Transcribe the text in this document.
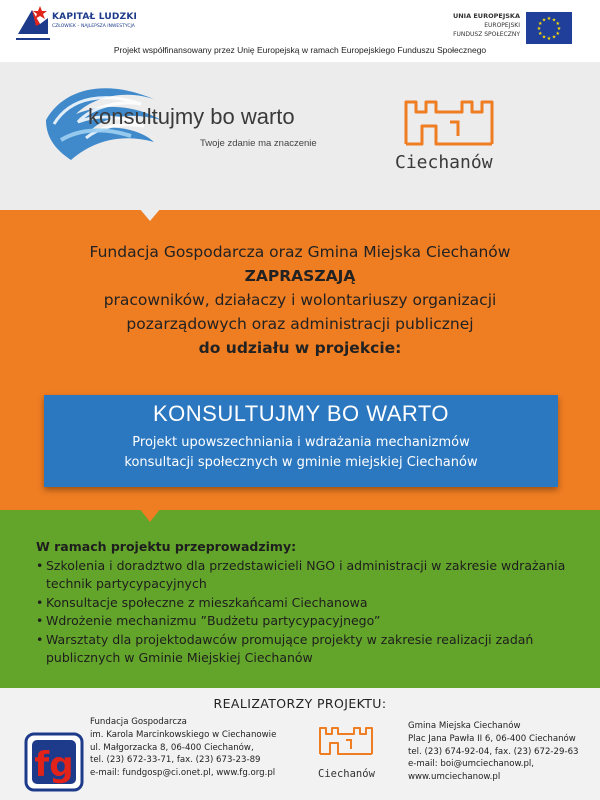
KAPITAŁ LUDZKI
CZŁOWIEK – NAJLEPSZA INWESTYCJA
UNIA EUROPEJSKA
EUROPEJSKI
FUNDUSZ SPOŁECZNY
★ ★
★
★
★
★
★
★
★
★
★
★
Projekt współfinansowany przez Unię Europejską w ramach Europejskiego Funduszu Społecznego
konsultujmy bo warto
Twoje zdanie ma znaczenie
Ciechanów
Fundacja Gospodarcza oraz Gmina Miejska Ciechanów
ZAPRASZAJĄ
pracowników, działaczy i wolontariuszy organizacji
pozarządowych oraz administracji publicznej
do udziału w projekcie:
KONSULTUJMY BO WARTO
Projekt upowszechniania i wdrażania mechanizmów
konsultacji społecznych w gminie miejskiej Ciechanów
W ramach projektu przeprowadzimy:
• Szkolenia i doradztwo dla przedstawicieli NGO i administracji w zakresie wdrażania technik partycypacyjnych
• Konsultacje społeczne z mieszkańcami Ciechanowa
• Wdrożenie mechanizmu ”Budżetu partycypacyjnego”
• Warsztaty dla projektodawców promujące projekty w zakresie realizacji zadań publicznych w Gminie Miejskiej Ciechanów
REALIZATORZY PROJEKTU:
fg
Fundacja Gospodarcza
im. Karola Marcinkowskiego w Ciechanowie
ul. Małgorzacka 8, 06-400 Ciechanów,
tel. (23) 672-33-71, fax. (23) 673-23-89
e-mail: fundgosp@ci.onet.pl, www.fg.org.pl	Ciechanów
Gmina Miejska Ciechanów
Plac Jana Pawła II 6, 06-400 Ciechanów
tel. (23) 674-92-04, fax. (23) 672-29-63
e-mail: boi@umciechanow.pl,
www.umciechanow.pl
